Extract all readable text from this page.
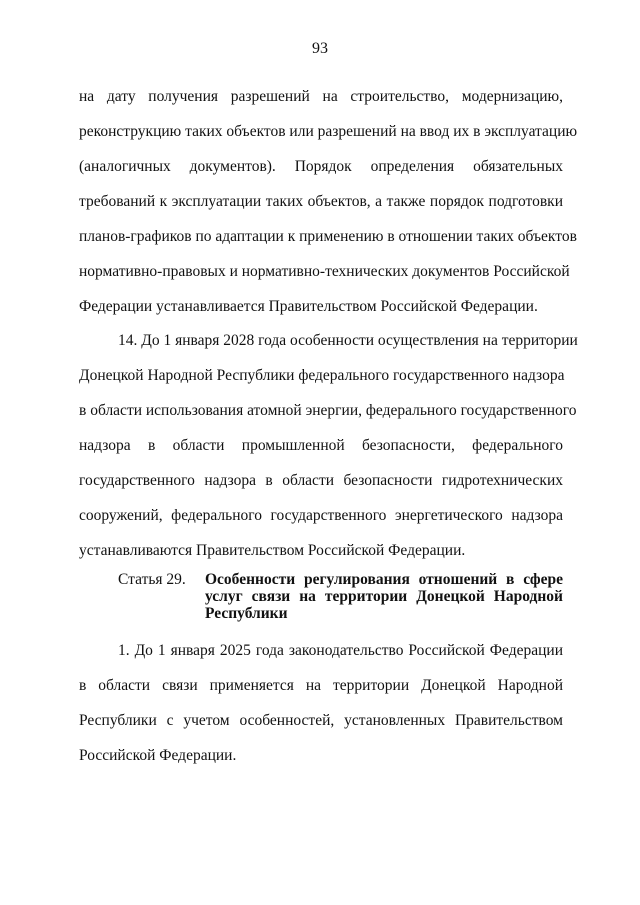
93
на дату получения разрешений на строительство, модернизацию,
реконструкцию таких объектов или разрешений на ввод их в эксплуатацию
(аналогичных документов). Порядок определения обязательных
требований к эксплуатации таких объектов, а также порядок подготовки
планов-графиков по адаптации к применению в отношении таких объектов
нормативно-правовых и нормативно-технических документов Российской
Федерации устанавливается Правительством Российской Федерации.
14. До 1 января 2028 года особенности осуществления на территории
Донецкой Народной Республики федерального государственного надзора
в области использования атомной энергии, федерального государственного
надзора в области промышленной безопасности, федерального
государственного надзора в области безопасности гидротехнических
сооружений, федерального государственного энергетического надзора
устанавливаются Правительством Российской Федерации.
Статья 29. Особенности регулирования отношений в сфере
услуг связи на территории Донецкой Народной
Республики
1. До 1 января 2025 года законодательство Российской Федерации
в области связи применяется на территории Донецкой Народной
Республики с учетом особенностей, установленных Правительством
Российской Федерации.
